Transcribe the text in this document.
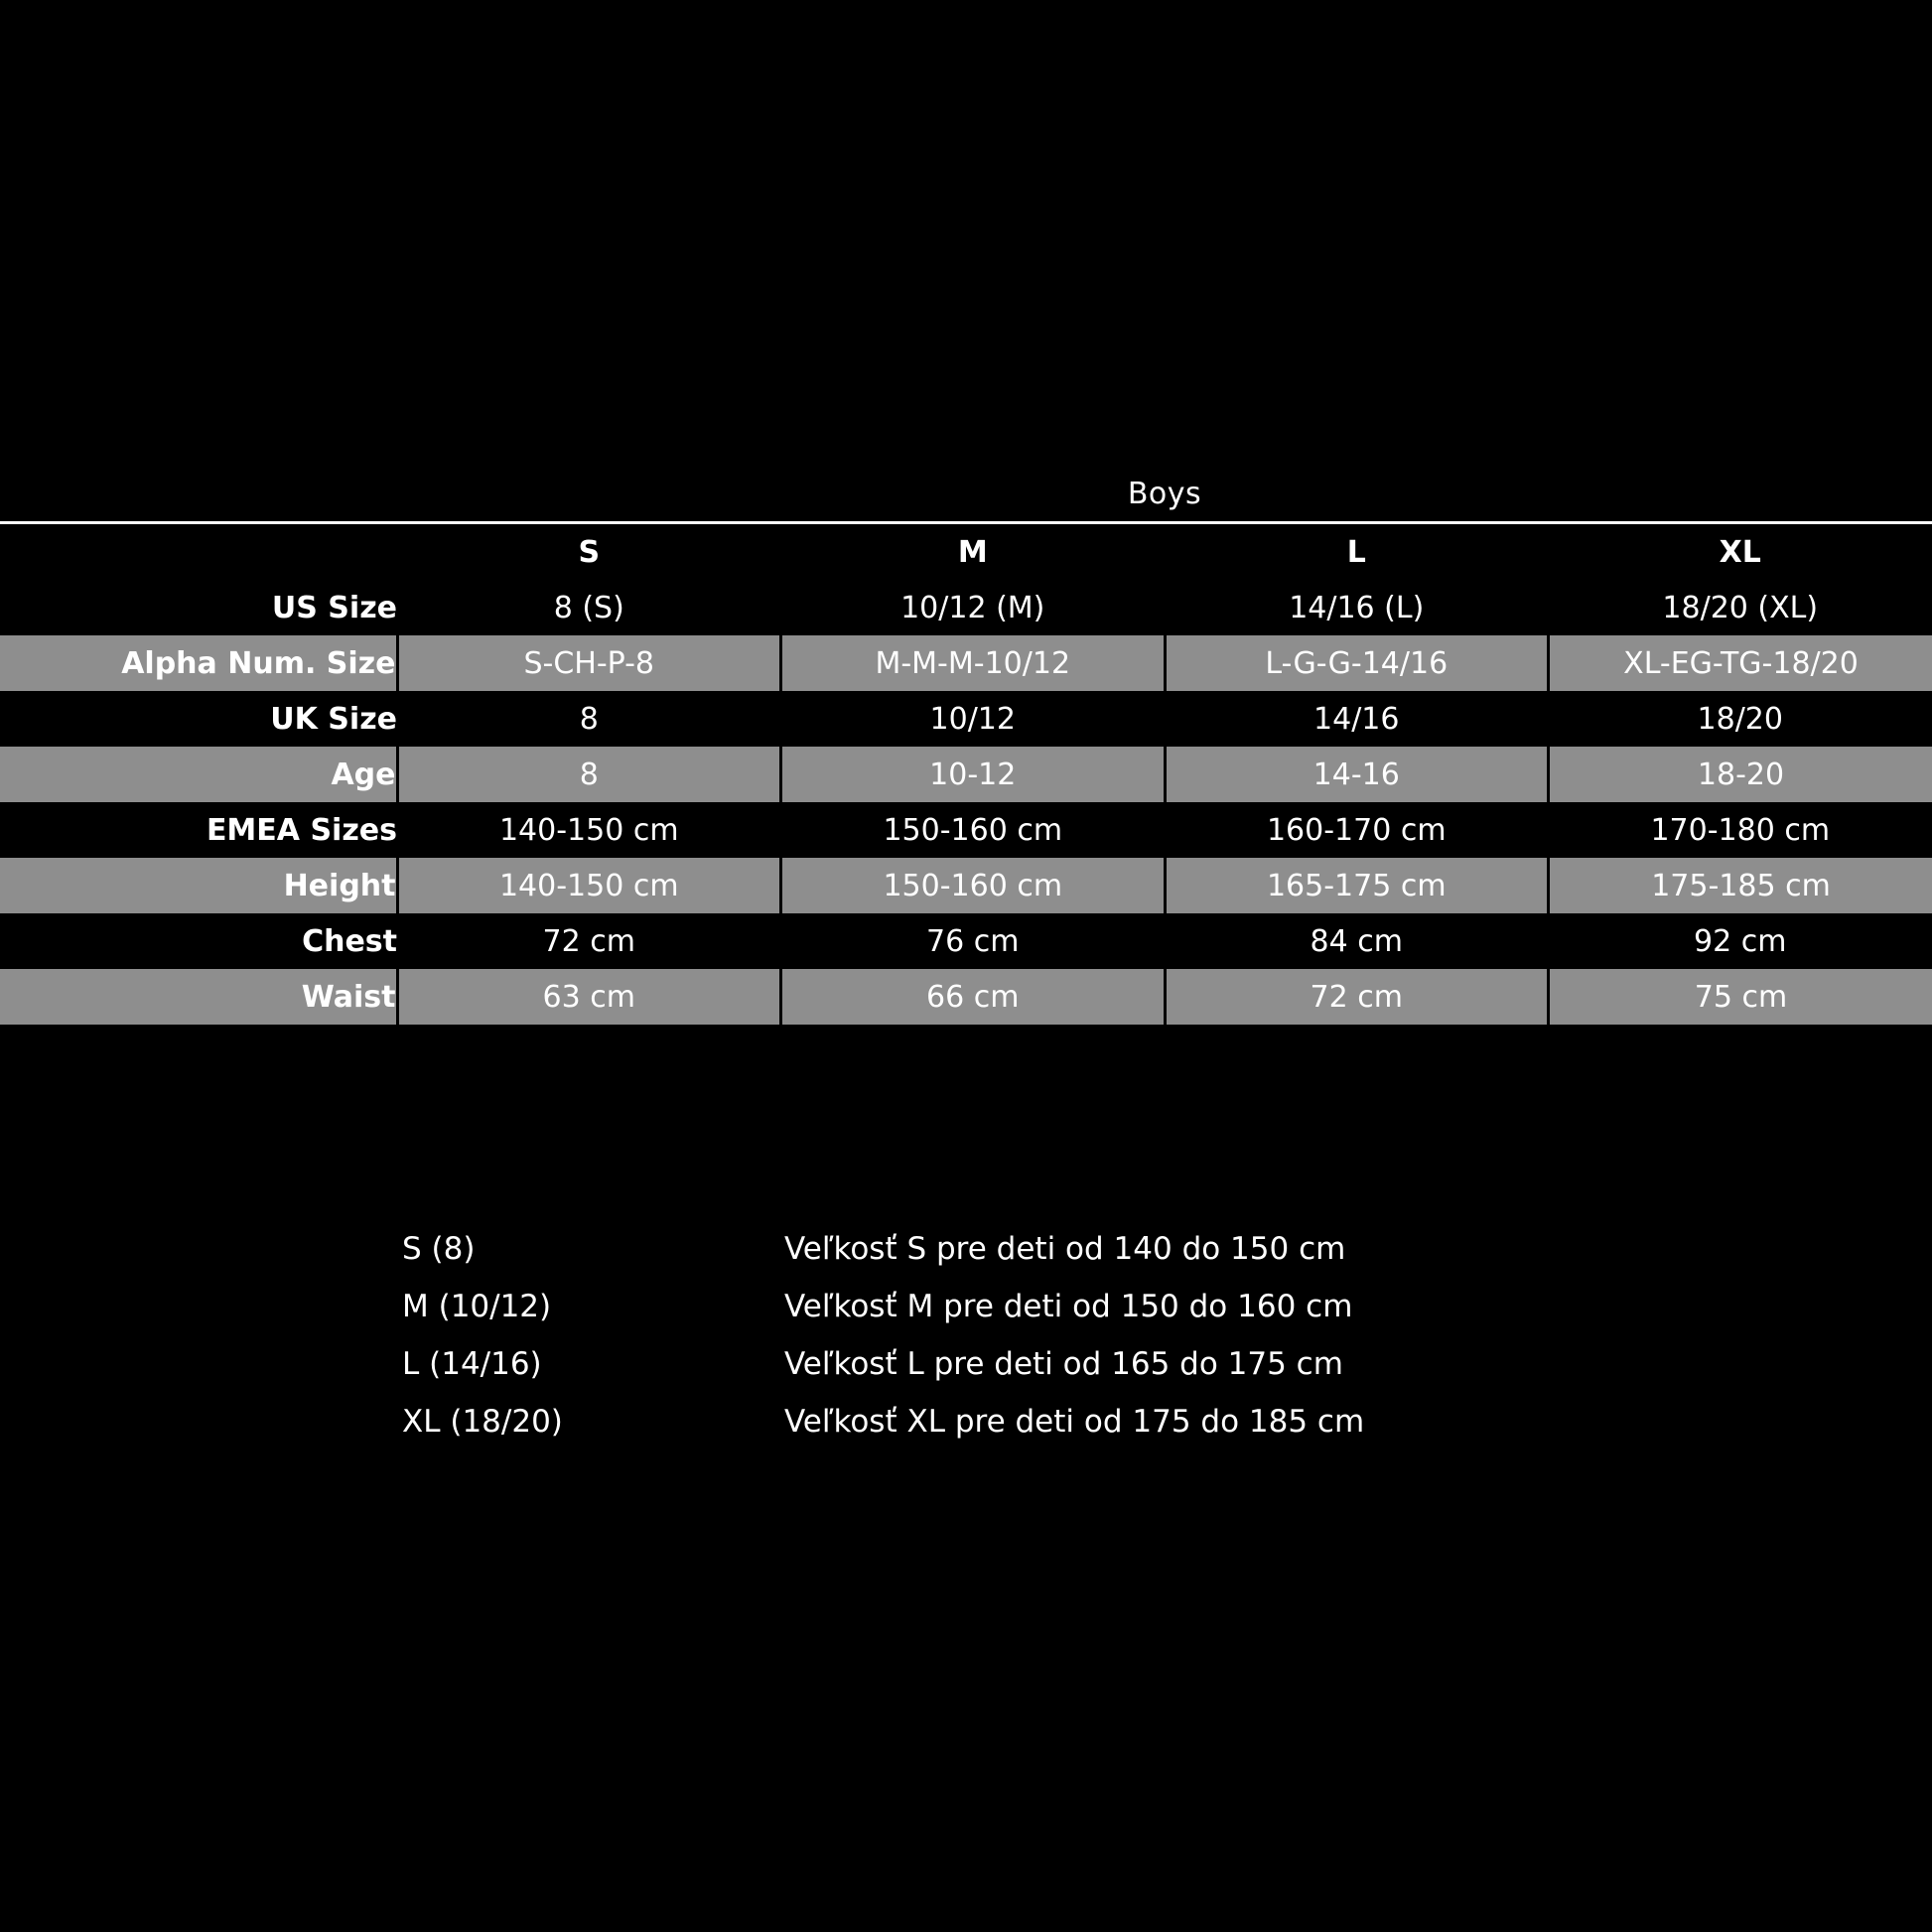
Boys
	S	M	L	XL
US Size	8 (S)	10/12 (M)	14/16 (L)	18/20 (XL)
Alpha Num. Size	S-CH-P-8	M-M-M-10/12	L-G-G-14/16	XL-EG-TG-18/20
UK Size	8	10/12	14/16	18/20
Age	8	10-12	14-16	18-20
EMEA Sizes	140-150 cm	150-160 cm	160-170 cm	170-180 cm
Height	140-150 cm	150-160 cm	165-175 cm	175-185 cm
Chest	72 cm	76 cm	84 cm	92 cm
Waist	63 cm	66 cm	72 cm	75 cm
S (8)	Veľkosť S pre deti od 140 do 150 cm
M (10/12)	Veľkosť M pre deti od 150 do 160 cm
L (14/16)	Veľkosť L pre deti od 165 do 175 cm
XL (18/20)	Veľkosť XL pre deti od 175 do 185 cm
